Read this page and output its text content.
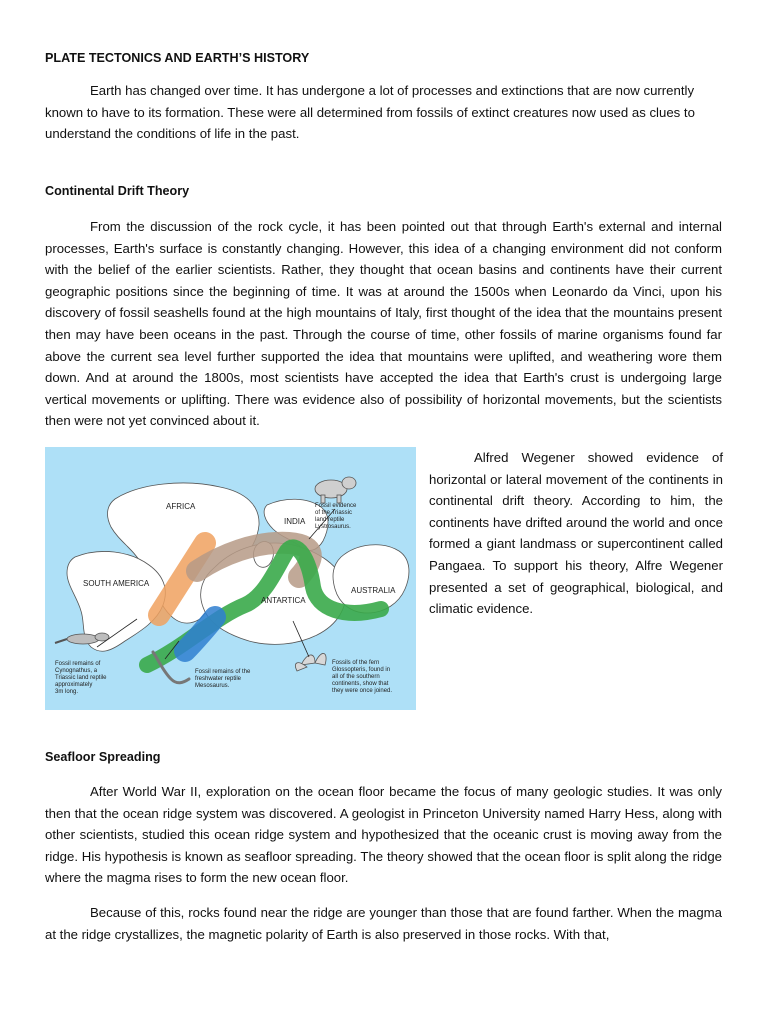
PLATE TECTONICS AND EARTH’S HISTORY

Earth has changed over time. It has undergone a lot of processes and extinctions that are now currently known to have to its formation. These were all determined from fossils of extinct creatures now used as clues to understand the conditions of life in the past.

Continental Drift Theory

From the discussion of the rock cycle, it has been pointed out that through Earth's external and internal processes, Earth's surface is constantly changing. However, this idea of a changing environment did not conform with the belief of the earlier scientists. Rather, they thought that ocean basins and continents have their current geographic positions since the beginning of time. It was at around the 1500s when Leonardo da Vinci, upon his discovery of fossil seashells found at the high mountains of Italy, first thought of the idea that the mountains present then may have been oceans in the past. Through the course of time, other fossils of marine organisms found far above the current sea level further supported the idea that mountains were uplifted, and weathering wore them down. And at around the 1800s, most scientists have accepted the idea that Earth's crust is undergoing large vertical movements or uplifting. There was evidence also of possibility of horizontal movements, but the scientists then were not yet convinced about it.

AFRICA
INDIA
SOUTH AMERICA
ANTARTICA
AUSTRALIA
Fossil evidence of the Triassic land reptile Lystrosaurus.
Fossil remains of Cynognathus, a Triassic land reptile approximately 3m long.
Fossil remains of the freshwater reptile Mesosaurus.
Fossils of the fern Glossopteris, found in all of the southern continents, show that they were once joined.

Alfred Wegener showed evidence of horizontal or lateral movement of the continents in continental drift theory. According to him, the continents have drifted around the world and once formed a giant landmass or supercontinent called Pangaea. To support his theory, Alfre Wegener presented a set of geographical, biological, and climatic evidence.

Seafloor Spreading

After World War II, exploration on the ocean floor became the focus of many geologic studies. It was only then that the ocean ridge system was discovered. A geologist in Princeton University named Harry Hess, along with other scientists, studied this ocean ridge system and hypothesized that the oceanic crust is moving away from the ridge. His hypothesis is known as seafloor spreading. The theory showed that the ocean floor is split along the ridge where the magma rises to form the new ocean floor.

Because of this, rocks found near the ridge are younger than those that are found farther. When the magma at the ridge crystallizes, the magnetic polarity of Earth is also preserved in those rocks. With that,
